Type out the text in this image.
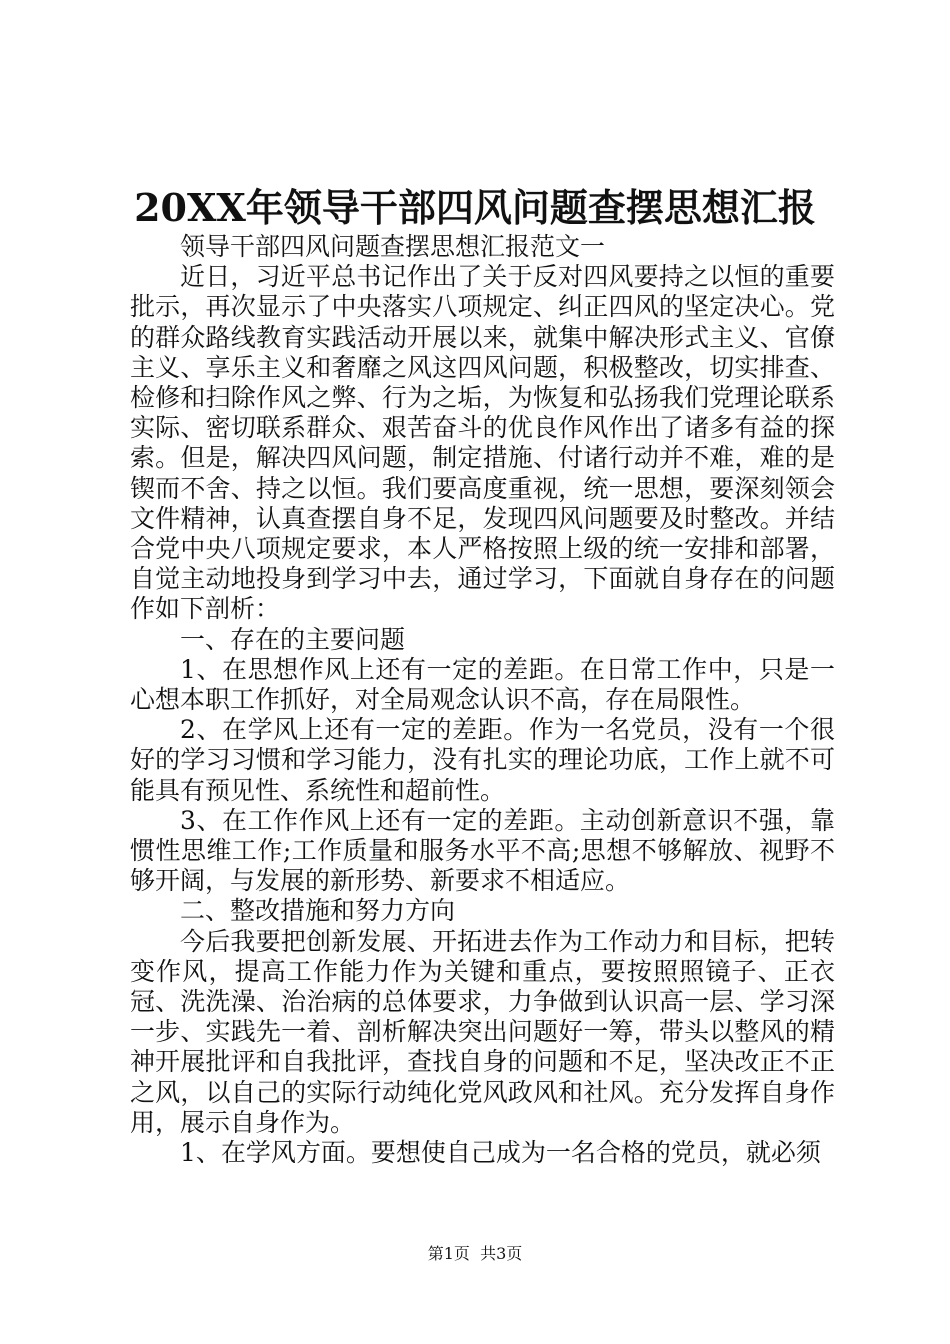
20XX年领导干部四风问题查摆思想汇报

领导干部四风问题查摆思想汇报范文一

近日，习近平总书记作出了关于反对四风要持之以恒的重要批示，再次显示了中央落实八项规定、纠正四风的坚定决心。党的群众路线教育实践活动开展以来，就集中解决形式主义、官僚主义、享乐主义和奢靡之风这四风问题，积极整改，切实排查、检修和扫除作风之弊、行为之垢，为恢复和弘扬我们党理论联系实际、密切联系群众、艰苦奋斗的优良作风作出了诸多有益的探索。但是，解决四风问题，制定措施、付诸行动并不难，难的是锲而不舍、持之以恒。我们要高度重视，统一思想，要深刻领会文件精神，认真查摆自身不足，发现四风问题要及时整改。并结合党中央八项规定要求，本人严格按照上级的统一安排和部署，自觉主动地投身到学习中去，通过学习，下面就自身存在的问题作如下剖析：

一、存在的主要问题

1、在思想作风上还有一定的差距。在日常工作中，只是一心想本职工作抓好，对全局观念认识不高，存在局限性。

2、在学风上还有一定的差距。作为一名党员，没有一个很好的学习习惯和学习能力，没有扎实的理论功底，工作上就不可能具有预见性、系统性和超前性。

3、在工作作风上还有一定的差距。主动创新意识不强，靠惯性思维工作;工作质量和服务水平不高;思想不够解放、视野不够开阔，与发展的新形势、新要求不相适应。

二、整改措施和努力方向

今后我要把创新发展、开拓进去作为工作动力和目标，把转变作风，提高工作能力作为关键和重点，要按照照镜子、正衣冠、洗洗澡、治治病的总体要求，力争做到认识高一层、学习深一步、实践先一着、剖析解决突出问题好一筹，带头以整风的精神开展批评和自我批评，查找自身的问题和不足，坚决改正不正之风，以自己的实际行动纯化党风政风和社风。充分发挥自身作用，展示自身作为。

1、在学风方面。要想使自己成为一名合格的党员，就必须

第1页 共3页
